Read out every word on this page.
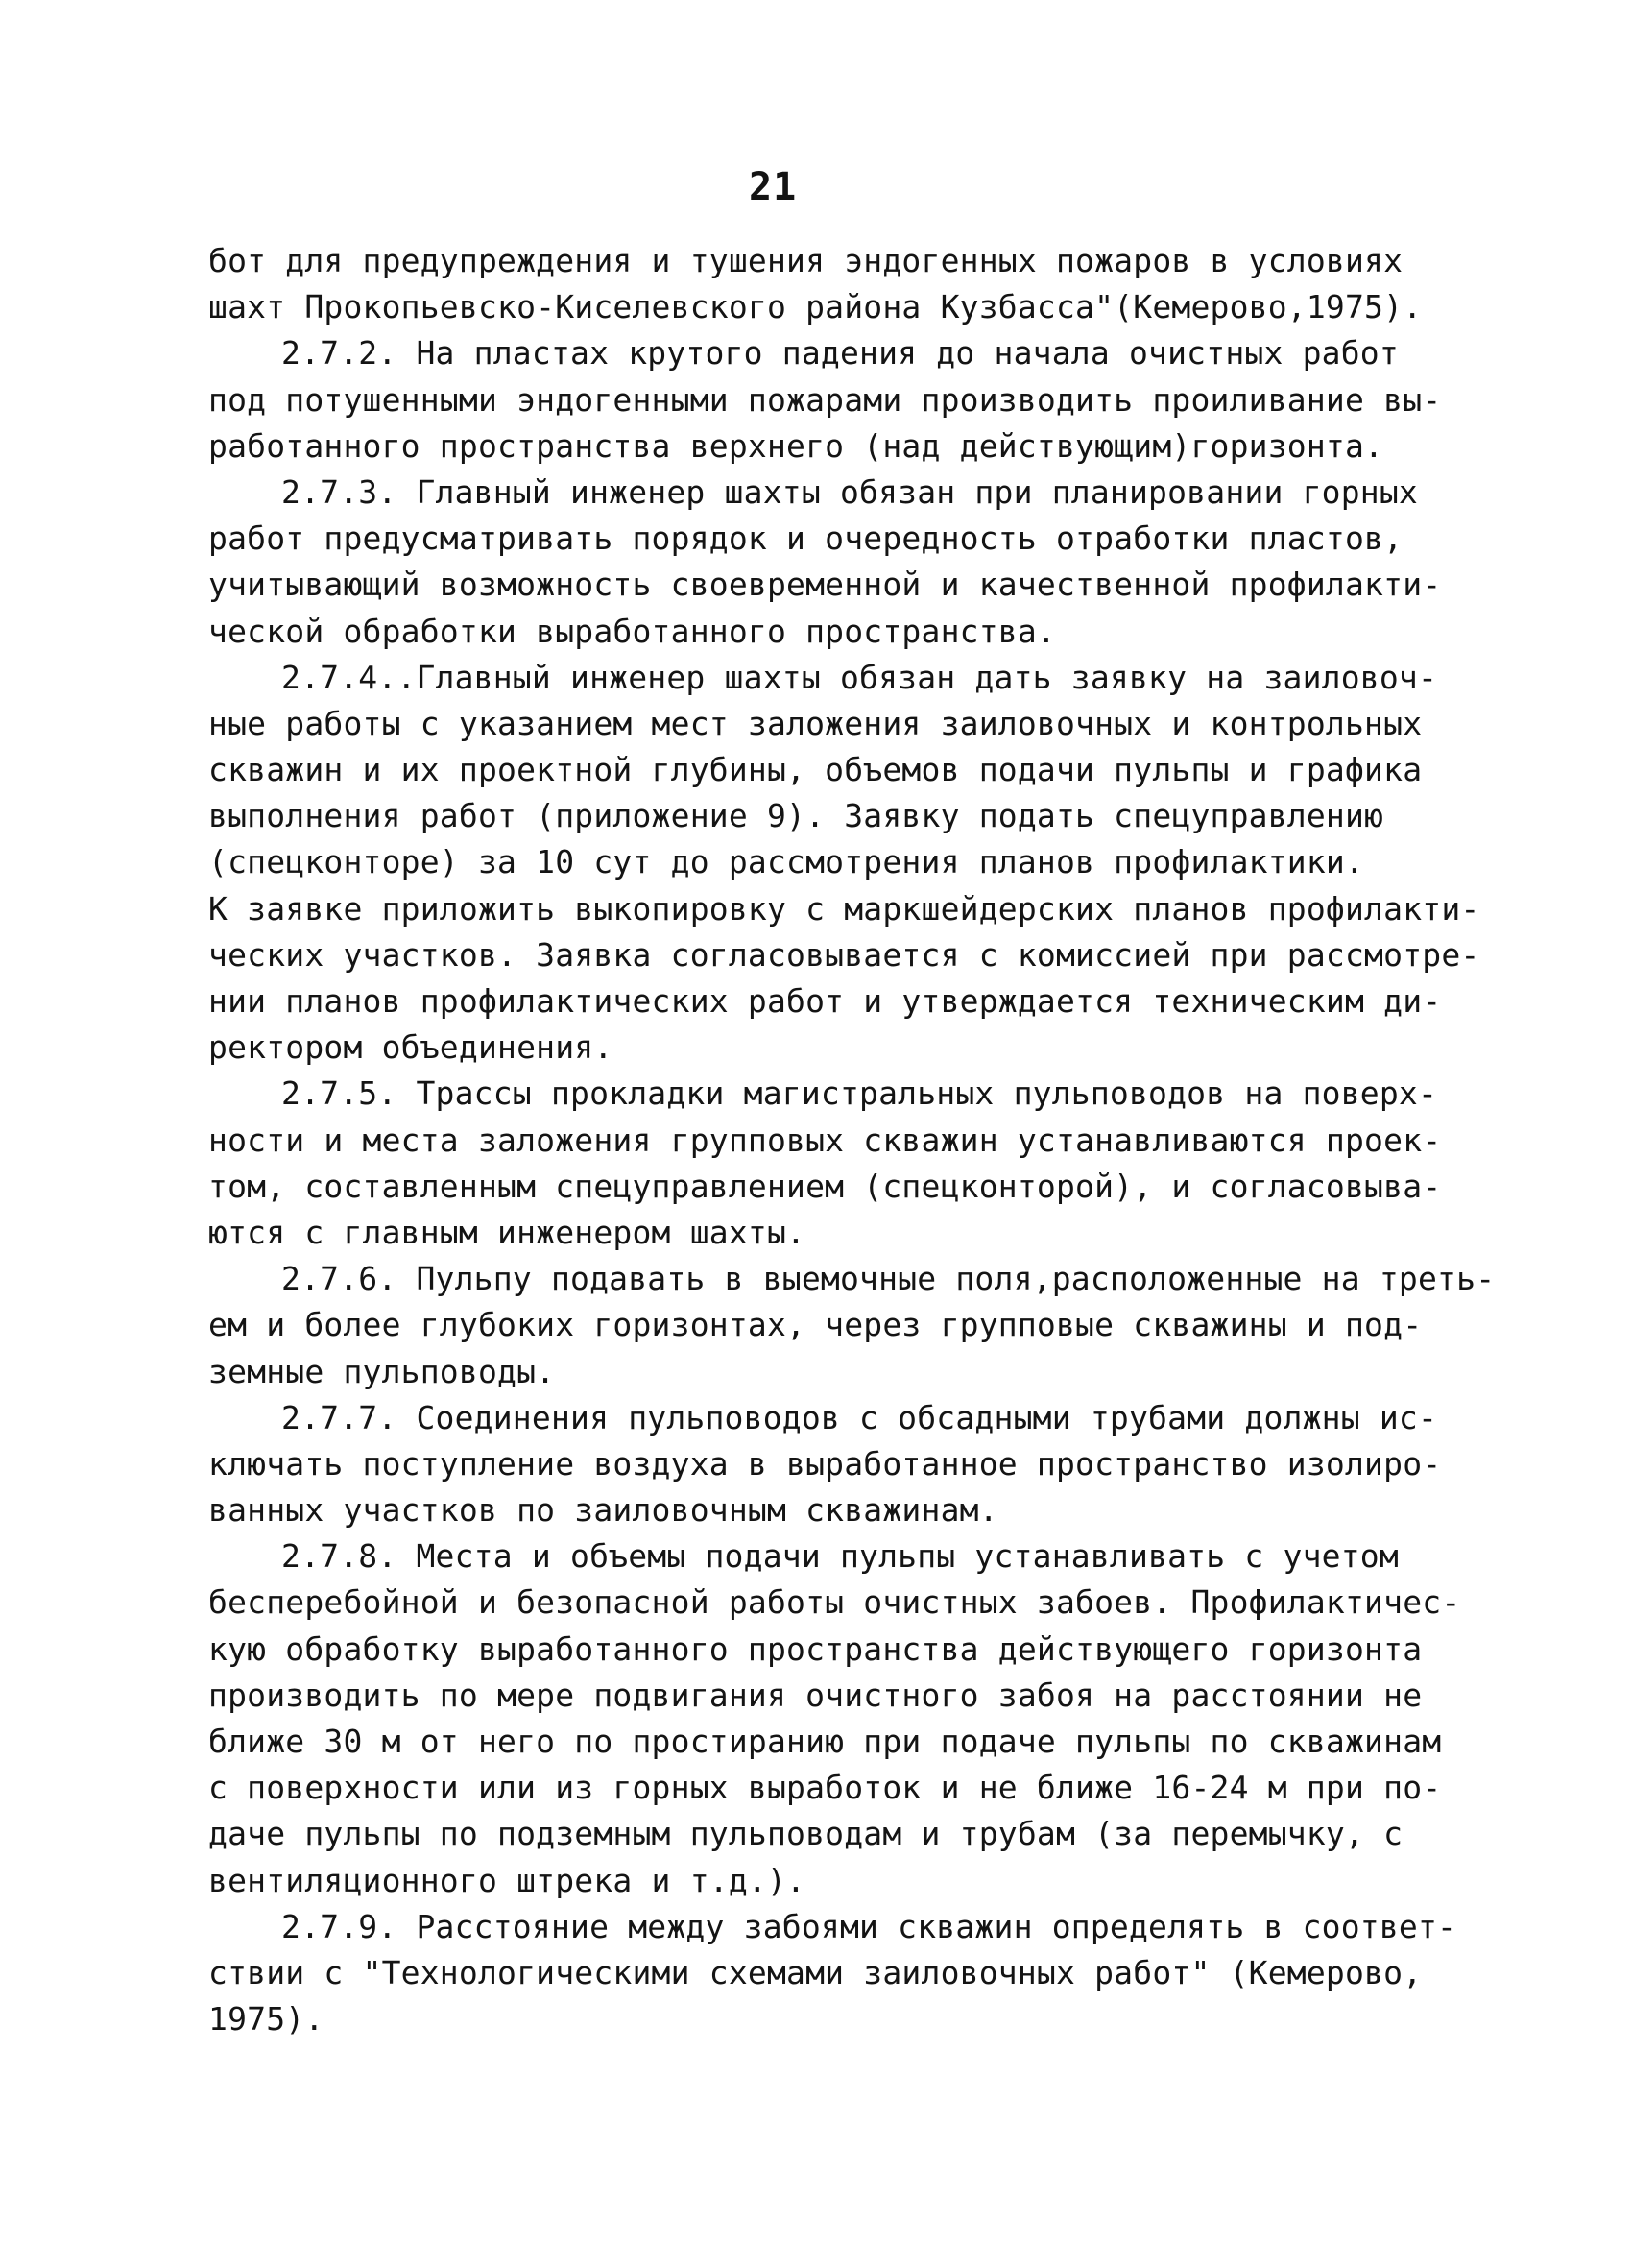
21
бот для предупреждения и тушения эндогенных пожаров в условиях
шахт Прокопьевско-Киселевского района Кузбасса"(Кемерово,1975).
2.7.2. На пластах крутого падения до начала очистных работ
под потушенными эндогенными пожарами производить проиливание вы-
работанного пространства верхнего (над действующим)горизонта.
2.7.3. Главный инженер шахты обязан при планировании горных
работ предусматривать порядок и очередность отработки пластов,
учитывающий возможность своевременной и качественной профилакти-
ческой обработки выработанного пространства.
2.7.4..Главный инженер шахты обязан дать заявку на заиловоч-
ные работы с указанием мест заложения заиловочных и контрольных
скважин и их проектной глубины, объемов подачи пульпы и графика
выполнения работ (приложение 9). Заявку подать спецуправлению
(спецконторе) за 10 сут до рассмотрения планов профилактики.
К заявке приложить выкопировку с маркшейдерских планов профилакти-
ческих участков. Заявка согласовывается с комиссией при рассмотре-
нии планов профилактических работ и утверждается техническим ди-
ректором объединения.
2.7.5. Трассы прокладки магистральных пульповодов на поверх-
ности и места заложения групповых скважин устанавливаются проек-
том, составленным спецуправлением (спецконторой), и согласовыва-
ются с главным инженером шахты.
2.7.6. Пульпу подавать в выемочные поля,расположенные на треть-
ем и более глубоких горизонтах, через групповые скважины и под-
земные пульповоды.
2.7.7. Соединения пульповодов с обсадными трубами должны ис-
ключать поступление воздуха в выработанное пространство изолиро-
ванных участков по заиловочным скважинам.
2.7.8. Места и объемы подачи пульпы устанавливать с учетом
бесперебойной и безопасной работы очистных забоев. Профилактичес-
кую обработку выработанного пространства действующего горизонта
производить по мере подвигания очистного забоя на расстоянии не
ближе 30 м от него по простиранию при подаче пульпы по скважинам
с поверхности или из горных выработок и не ближе 16-24 м при по-
даче пульпы по подземным пульповодам и трубам (за перемычку, с
вентиляционного штрека и т.д.).
2.7.9. Расстояние между забоями скважин определять в соответ-
ствии с "Технологическими схемами заиловочных работ" (Кемерово,
1975).
